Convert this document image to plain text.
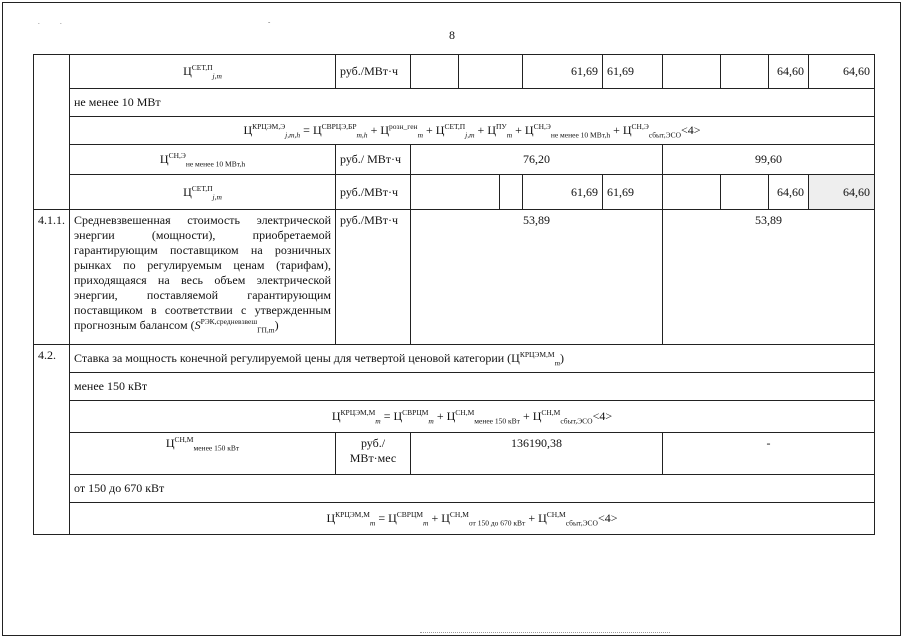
.       .	-
8
	$Ц^{СЕТ,П}_{j,m}$	руб./МВт·ч				61,69	61,69			64,60	64,60
	не менее 10 МВт										
	$Ц^{КРЦЭМ,Э}_{j,m,h} = Ц^{СВРЦЭ,БР}_{m,h} + Ц^{розн\_ген}_m + Ц^{СЕТ,П}_{j,m} + Ц^{ПУ}_m + Ц^{СН,Э}_{не менее 10 МВт,h} + Ц^{СН,Э}_{сбыт,ЭСО}<4>$										
	$Ц^{СН,Э}_{не менее 10 МВт,h}$	руб./ МВт·ч	76,20					99,60			
	$Ц^{СЕТ,П}_{j,m}$	руб./МВт·ч				61,69	61,69			64,60	64,60
4.1.1.	Средневзвешенная стоимость электрической энергии (мощности), приобретаемой гарантирующим поставщиком на розничных рынках по регулируемым ценам (тарифам), приходящаяся на весь объем электрической энергии, поставляемой гарантирующим поставщиком в соответствии с утвержденным прогнозным балансом $(S^{РЭК,средневзвеш}_{ГП,m})$	руб./МВт·ч	53,89					53,89			
4.2.	Ставка за мощность конечной регулируемой цены для четвертой ценовой категории $(Ц^{КРЦЭМ,М}_m)$										
	менее 150 кВт										
	$Ц^{КРЦЭМ,М}_m = Ц^{СВРЦМ}_m + Ц^{СН,М}_{менее 150 кВт} + Ц^{СН,М}_{сбыт,ЭСО}<4>$										
	$Ц^{СН,М}_{менее 150 кВт}$	руб./
МВт·мес	136190,38					-			
	от 150 до 670 кВт										
	$Ц^{КРЦЭМ,М}_m = Ц^{СВРЦМ}_m + Ц^{СН,М}_{от 150 до 670 кВт} + Ц^{СН,М}_{сбыт,ЭСО}<4>$										
